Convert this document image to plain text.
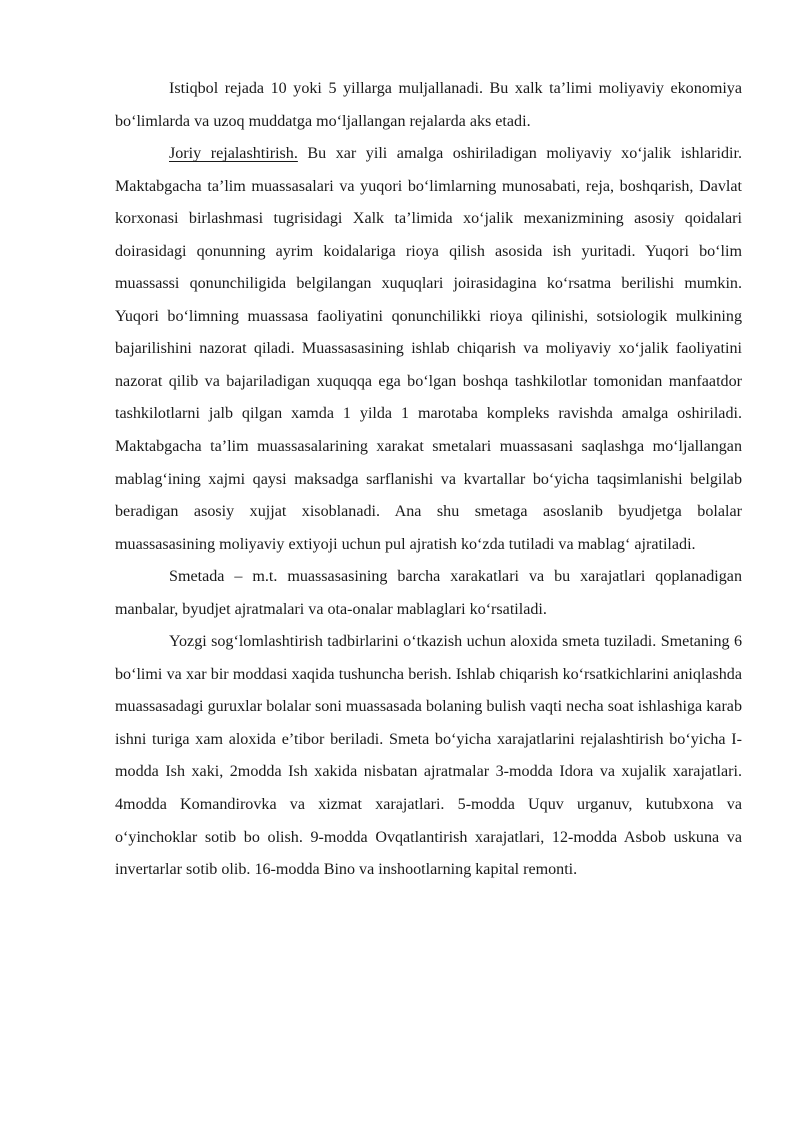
Istiqbol rejada 10 yoki 5 yillarga muljallanadi. Bu xalk ta’limi moliyaviy ekonomiya bo‘limlarda va uzoq muddatga mo‘ljallangan rejalarda aks etadi.

Joriy rejalashtirish. Bu xar yili amalga oshiriladigan moliyaviy xo‘jalik ishlaridir. Maktabgacha ta’lim muassasalari va yuqori bo‘limlarning munosabati, reja, boshqarish, Davlat korxonasi birlashmasi tugrisidagi Xalk ta’limida xo‘jalik mexanizmining asosiy qoidalari doirasidagi qonunning ayrim koidalariga rioya qilish asosida ish yuritadi. Yuqori bo‘lim muassassi qonunchiligida belgilangan xuquqlari joirasidagina ko‘rsatma berilishi mumkin. Yuqori bo‘limning muassasa faoliyatini qonunchilikki rioya qilinishi, sotsiologik mulkining bajarilishini nazorat qiladi. Muassasasining ishlab chiqarish va moliyaviy xo‘jalik faoliyatini nazorat qilib va bajariladigan xuquqqa ega bo‘lgan boshqa tashkilotlar tomonidan manfaatdor tashkilotlarni jalb qilgan xamda 1 yilda 1 marotaba kompleks ravishda amalga oshiriladi. Maktabgacha ta’lim muassasalarining xarakat smetalari muassasani saqlashga mo‘ljallangan mablag‘ining xajmi qaysi maksadga sarflanishi va kvartallar bo‘yicha taqsimlanishi belgilab beradigan asosiy xujjat xisoblanadi. Ana shu smetaga asoslanib byudjetga bolalar muassasasining moliyaviy extiyoji uchun pul ajratish ko‘zda tutiladi va mablag‘ ajratiladi.

Smetada – m.t. muassasasining barcha xarakatlari va bu xarajatlari qoplanadigan manbalar, byudjet ajratmalari va ota-onalar mablaglari ko‘rsatiladi.

Yozgi sog‘lomlashtirish tadbirlarini o‘tkazish uchun aloxida smeta tuziladi. Smetaning 6 bo‘limi va xar bir moddasi xaqida tushuncha berish. Ishlab chiqarish ko‘rsatkichlarini aniqlashda muassasadagi guruxlar bolalar soni muassasada bolaning bulish vaqti necha soat ishlashiga karab ishni turiga xam aloxida e’tibor beriladi. Smeta bo‘yicha xarajatlarini rejalashtirish bo‘yicha I-modda Ish xaki, 2modda Ish xakida nisbatan ajratmalar 3-modda Idora va xujalik xarajatlari. 4modda Komandirovka va xizmat xarajatlari. 5-modda Uquv urganuv, kutubxona va o‘yinchoklar sotib bo olish. 9-modda Ovqatlantirish xarajatlari, 12-modda Asbob uskuna va invertarlar sotib olib. 16-modda Bino va inshootlarning kapital remonti.
